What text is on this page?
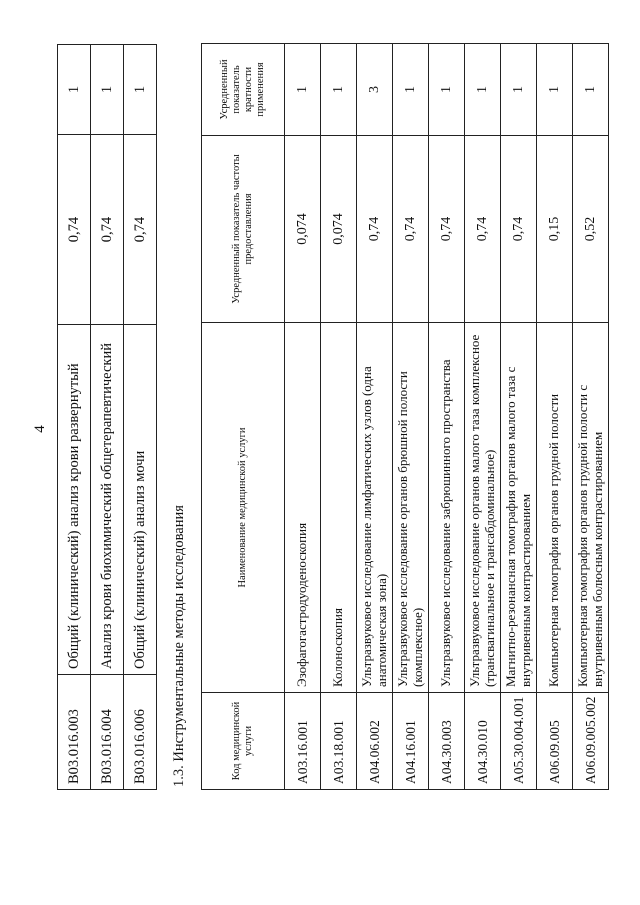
4
B03.016.003	Общий (клинический) анализ крови развернутый	0,74	1
B03.016.004	Анализ крови биохимический общетерапевтический	0,74	1
B03.016.006	Общий (клинический) анализ мочи	0,74	1
1.3. Инструментальные методы исследования	Код медицинской услуги	Наименование медицинской услуги	Усредненный показатель частоты предоставления	Усредненный показатель кратности применения
A03.16.001	Эзофагогастродуоденоскопия	0,074	1
A03.18.001	Колоноскопия	0,074	1
A04.06.002	Ультразвуковое исследование лимфатических узлов (одна анатомическая зона)	0,74	3
A04.16.001	Ультразвуковое исследование органов брюшной полости (комплексное)	0,74	1
A04.30.003	Ультразвуковое исследование забрюшинного пространства	0,74	1
A04.30.010	Ультразвуковое исследование органов малого таза комплексное (трансвагинальное и трансабдоминальное)	0,74	1
A05.30.004.001	Магнитно-резонансная томография органов малого таза с внутривенным контрастированием	0,74	1
A06.09.005	Компьютерная томография органов грудной полости	0,15	1
A06.09.005.002	Компьютерная томография органов грудной полости с внутривенным болюсным контрастированием	0,52	1
